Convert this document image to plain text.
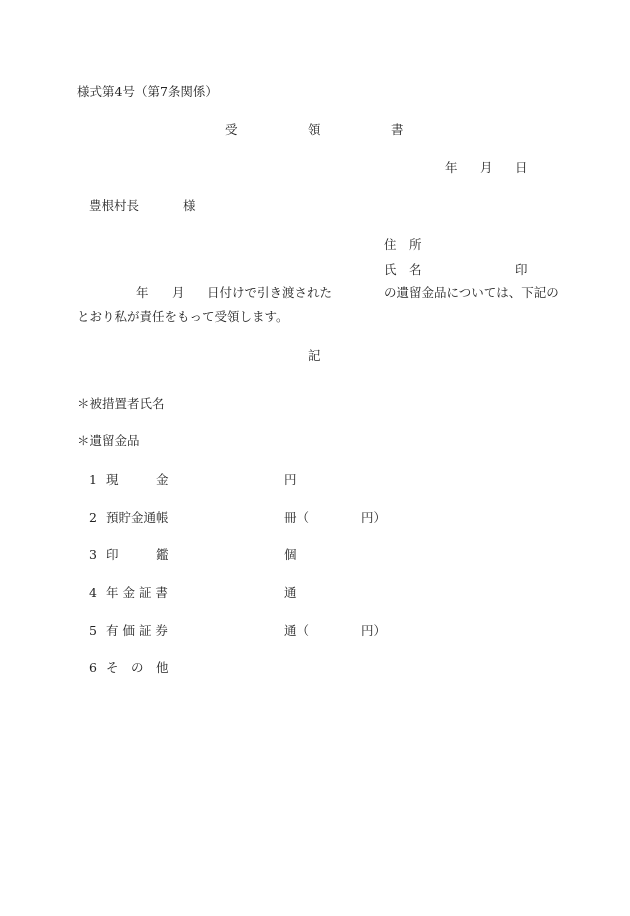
様式第4号（第7条関係）
受	領	書
年 月 日
豊根村長	様
住　所
氏　名	印
年 月 日付けで引き渡された	の遺留金品については、下記の
とおり私が責任をもって受領します。
記
＊被措置者氏名
＊遺留金品
1 現　　　金	円
2 預貯金通帳	冊（	円）
3 印　　　鑑	個
4 年 金 証 書	通
5 有 価 証 券	通（	円）
6 そ　の　他
